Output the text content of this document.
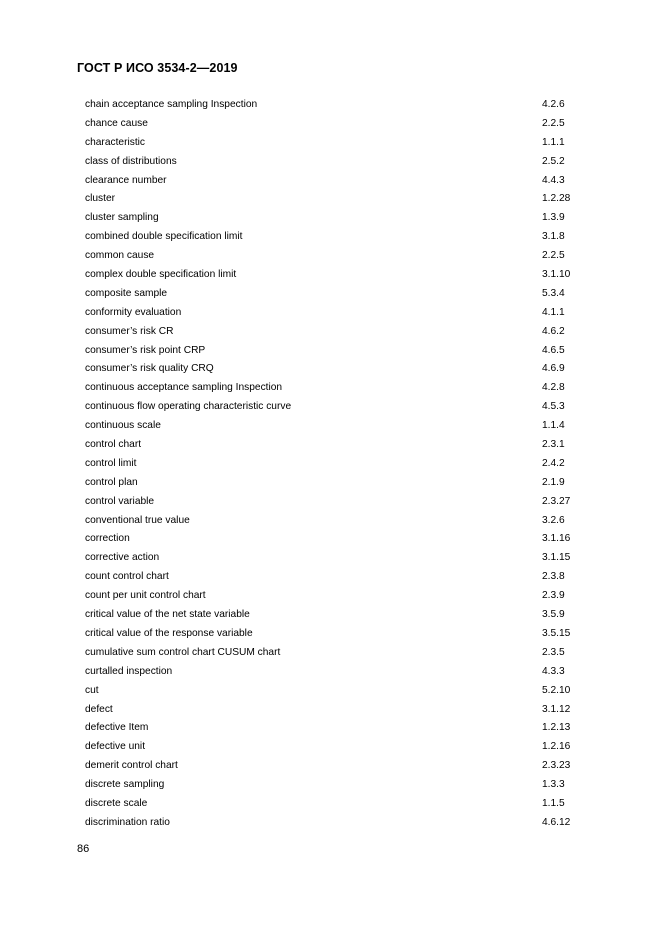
ГОСТ Р ИСО 3534-2—2019
chain acceptance sampling Inspection	4.2.6
chance cause	2.2.5
characteristic	1.1.1
class of distributions	2.5.2
clearance number	4.4.3
cluster	1.2.28
cluster sampling	1.3.9
combined double specification limit	3.1.8
common cause	2.2.5
complex double specification limit	3.1.10
composite sample	5.3.4
conformity evaluation	4.1.1
consumer’s risk CR	4.6.2
consumer’s risk point CRP	4.6.5
consumer’s risk quality CRQ	4.6.9
continuous acceptance sampling Inspection	4.2.8
continuous flow operating characteristic curve	4.5.3
continuous scale	1.1.4
control chart	2.3.1
control limit	2.4.2
control plan	2.1.9
control variable	2.3.27
conventional true value	3.2.6
correction	3.1.16
corrective action	3.1.15
count control chart	2.3.8
count per unit control chart	2.3.9
critical value of the net state variable	3.5.9
critical value of the response variable	3.5.15
cumulative sum control chart CUSUM chart	2.3.5
curtalled inspection	4.3.3
cut	5.2.10
defect	3.1.12
defective Item	1.2.13
defective unit	1.2.16
demerit control chart	2.3.23
discrete sampling	1.3.3
discrete scale	1.1.5
discrimination ratio	4.6.12
86
